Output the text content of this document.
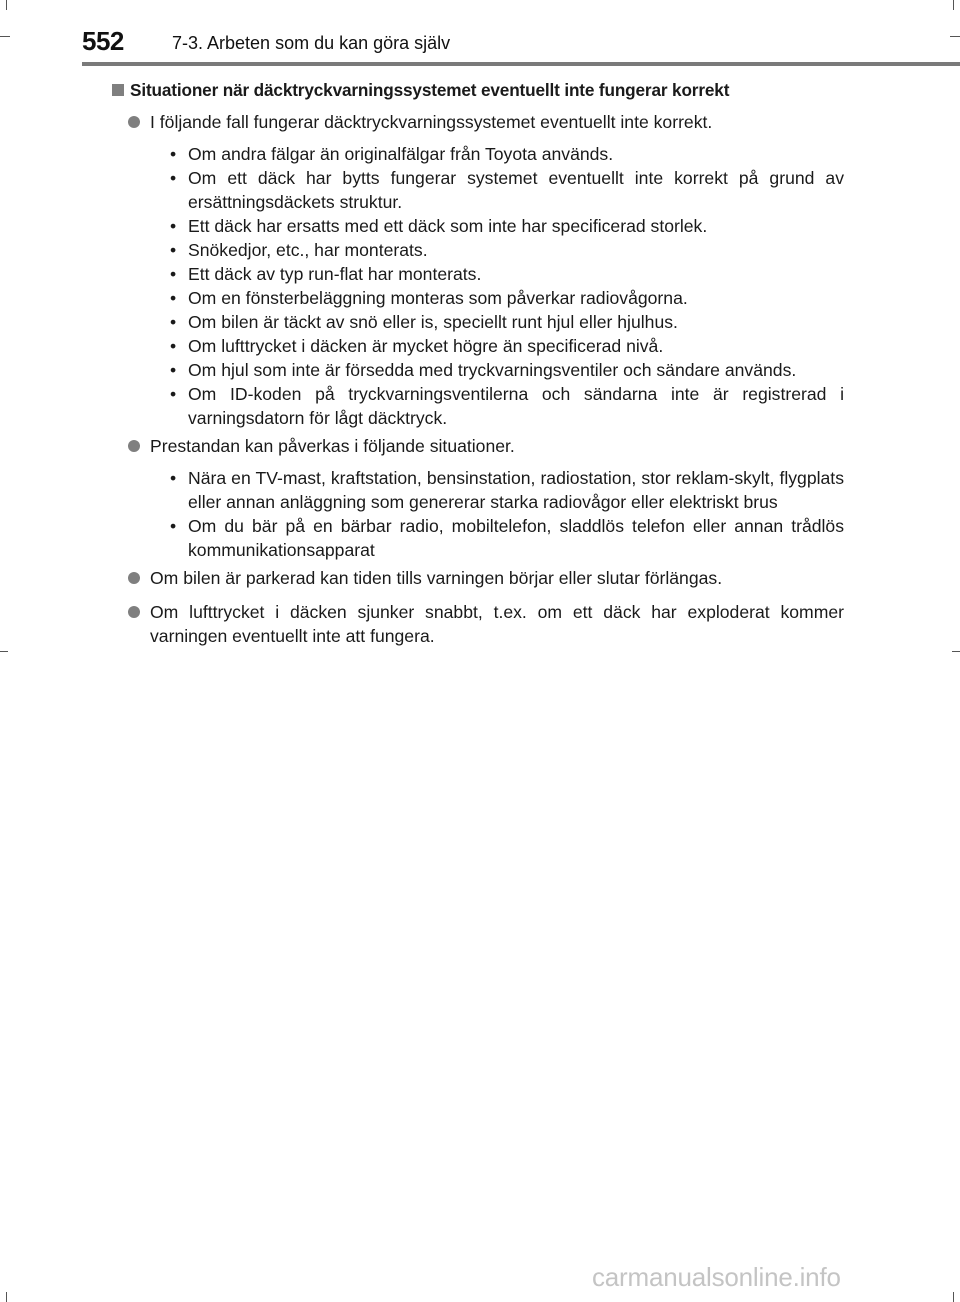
552	7-3. Arbeten som du kan göra själv
Situationer när däcktryckvarningssystemet eventuellt inte fungerar korrekt
I följande fall fungerar däcktryckvarningssystemet eventuellt inte korrekt.
• Om andra fälgar än originalfälgar från Toyota används.
• Om ett däck har bytts fungerar systemet eventuellt inte korrekt på grund av ersättningsdäckets struktur.
• Ett däck har ersatts med ett däck som inte har specificerad storlek.
• Snökedjor, etc., har monterats.
• Ett däck av typ run-flat har monterats.
• Om en fönsterbeläggning monteras som påverkar radiovågorna.
• Om bilen är täckt av snö eller is, speciellt runt hjul eller hjulhus.
• Om lufttrycket i däcken är mycket högre än specificerad nivå.
• Om hjul som inte är försedda med tryckvarningsventiler och sändare används.
• Om ID-koden på tryckvarningsventilerna och sändarna inte är registrerad i varningsdatorn för lågt däcktryck.
Prestandan kan påverkas i följande situationer.
• Nära en TV-mast, kraftstation, bensinstation, radiostation, stor reklam-skylt, flygplats eller annan anläggning som genererar starka radiovågor eller elektriskt brus
• Om du bär på en bärbar radio, mobiltelefon, sladdlös telefon eller annan trådlös kommunikationsapparat
Om bilen är parkerad kan tiden tills varningen börjar eller slutar förlängas.
Om lufttrycket i däcken sjunker snabbt, t.ex. om ett däck har exploderat kommer varningen eventuellt inte att fungera.
carmanualsonline.info
